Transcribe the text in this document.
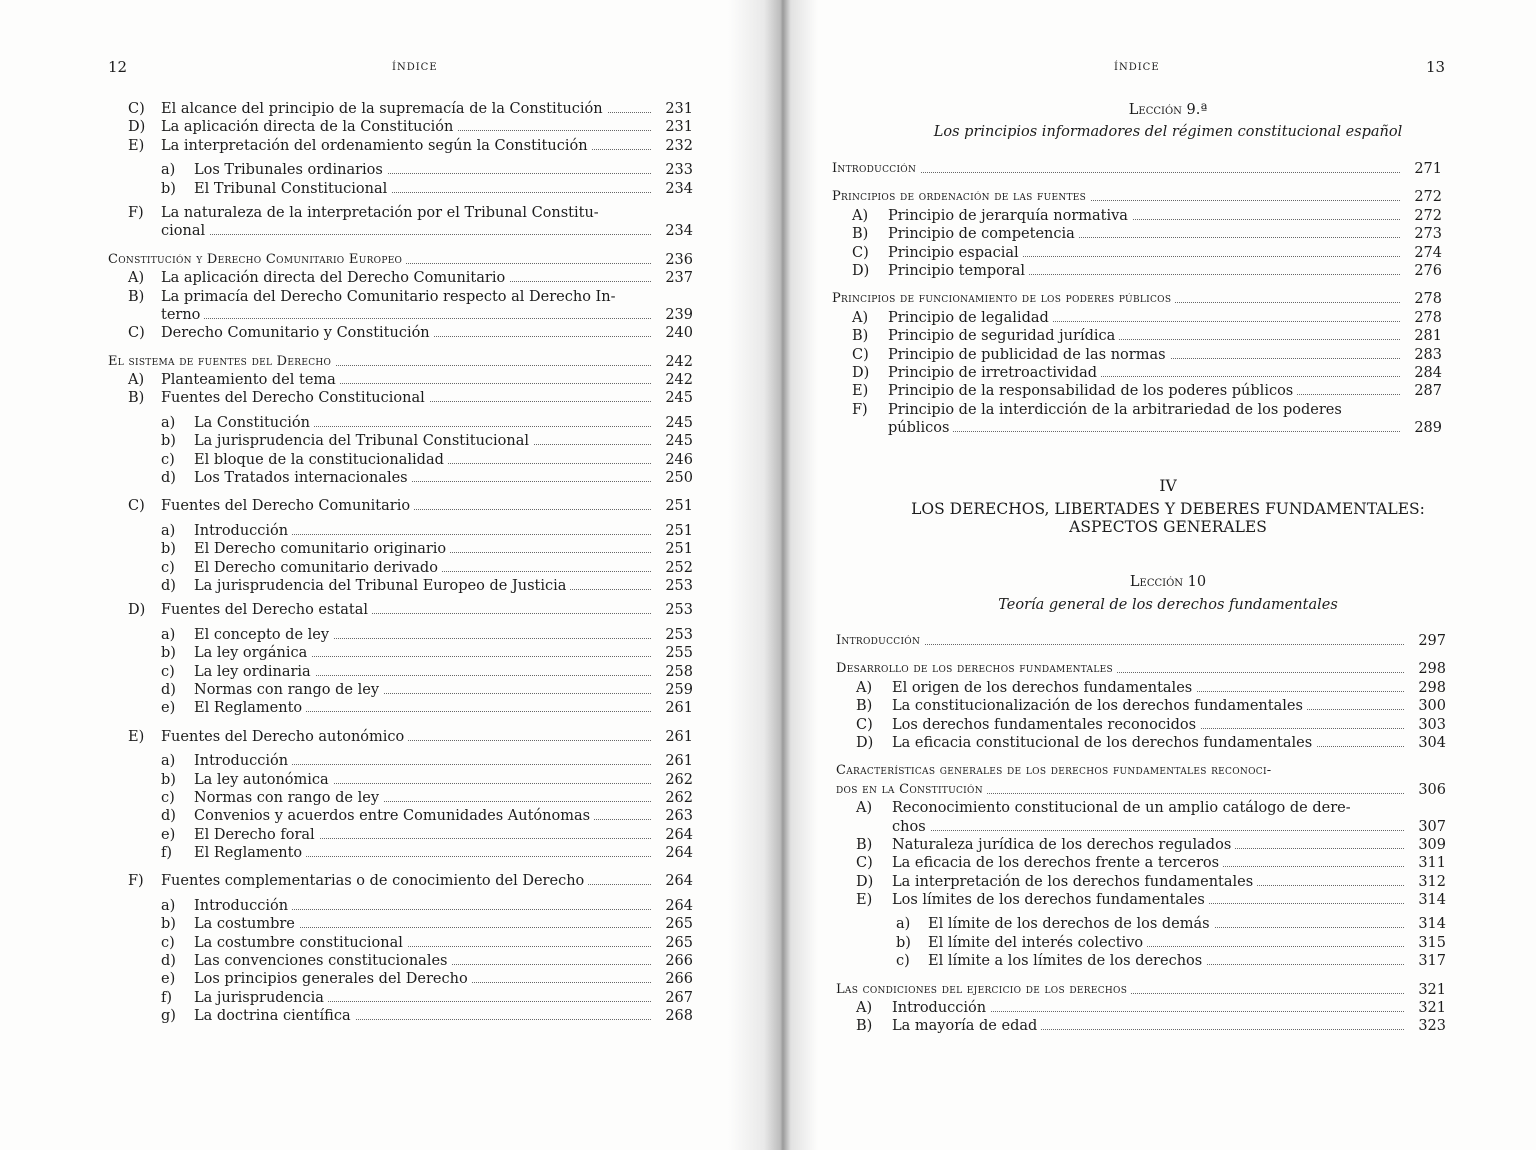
12	ÍNDICE
C) El alcance del principio de la supremacía de la Constitución	231
D) La aplicación directa de la Constitución	231
E) La interpretación del ordenamiento según la Constitución	232
a) Los Tribunales ordinarios	233
b) El Tribunal Constitucional	234
F) La naturaleza de la interpretación por el Tribunal Constitu-
cional	234
Constitución y Derecho Comunitario Europeo	236
A) La aplicación directa del Derecho Comunitario	237
B) La primacía del Derecho Comunitario respecto al Derecho In-
terno	239
C) Derecho Comunitario y Constitución	240
El sistema de fuentes del Derecho	242
A) Planteamiento del tema	242
B) Fuentes del Derecho Constitucional	245
a) La Constitución	245
b) La jurisprudencia del Tribunal Constitucional	245
c) El bloque de la constitucionalidad	246
d) Los Tratados internacionales	250
C) Fuentes del Derecho Comunitario	251
a) Introducción	251
b) El Derecho comunitario originario	251
c) El Derecho comunitario derivado	252
d) La jurisprudencia del Tribunal Europeo de Justicia	253
D) Fuentes del Derecho estatal	253
a) El concepto de ley	253
b) La ley orgánica	255
c) La ley ordinaria	258
d) Normas con rango de ley	259
e) El Reglamento	261
E) Fuentes del Derecho autonómico	261
a) Introducción	261
b) La ley autonómica	262
c) Normas con rango de ley	262
d) Convenios y acuerdos entre Comunidades Autónomas	263
e) El Derecho foral	264
f) El Reglamento	264
F) Fuentes complementarias o de conocimiento del Derecho	264
a) Introducción	264
b) La costumbre	265
c) La costumbre constitucional	265
d) Las convenciones constitucionales	266
e) Los principios generales del Derecho	266
f) La jurisprudencia	267
g) La doctrina científica	268
13
ÍNDICE
Lección 9.ª
Los principios informadores del régimen constitucional español
Introducción	271
Principios de ordenación de las fuentes	272
A) Principio de jerarquía normativa	272
B) Principio de competencia	273
C) Principio espacial	274
D) Principio temporal	276
Principios de funcionamiento de los poderes públicos	278
A) Principio de legalidad	278
B) Principio de seguridad jurídica	281
C) Principio de publicidad de las normas	283
D) Principio de irretroactividad	284
E) Principio de la responsabilidad de los poderes públicos	287
F) Principio de la interdicción de la arbitrariedad de los poderes
públicos	289
IV
LOS DERECHOS, LIBERTADES Y DEBERES FUNDAMENTALES:
ASPECTOS GENERALES
Lección 10
Teoría general de los derechos fundamentales
Introducción	297
Desarrollo de los derechos fundamentales	298
A) El origen de los derechos fundamentales	298
B) La constitucionalización de los derechos fundamentales	300
C) Los derechos fundamentales reconocidos	303
D) La eficacia constitucional de los derechos fundamentales	304
Características generales de los derechos fundamentales reconoci-
dos en la Constitución	306
A) Reconocimiento constitucional de un amplio catálogo de dere-
chos	307
B) Naturaleza jurídica de los derechos regulados	309
C) La eficacia de los derechos frente a terceros	311
D) La interpretación de los derechos fundamentales	312
E) Los límites de los derechos fundamentales	314
a) El límite de los derechos de los demás	314
b) El límite del interés colectivo	315
c) El límite a los límites de los derechos	317
Las condiciones del ejercicio de los derechos	321
A) Introducción	321
B) La mayoría de edad	323
